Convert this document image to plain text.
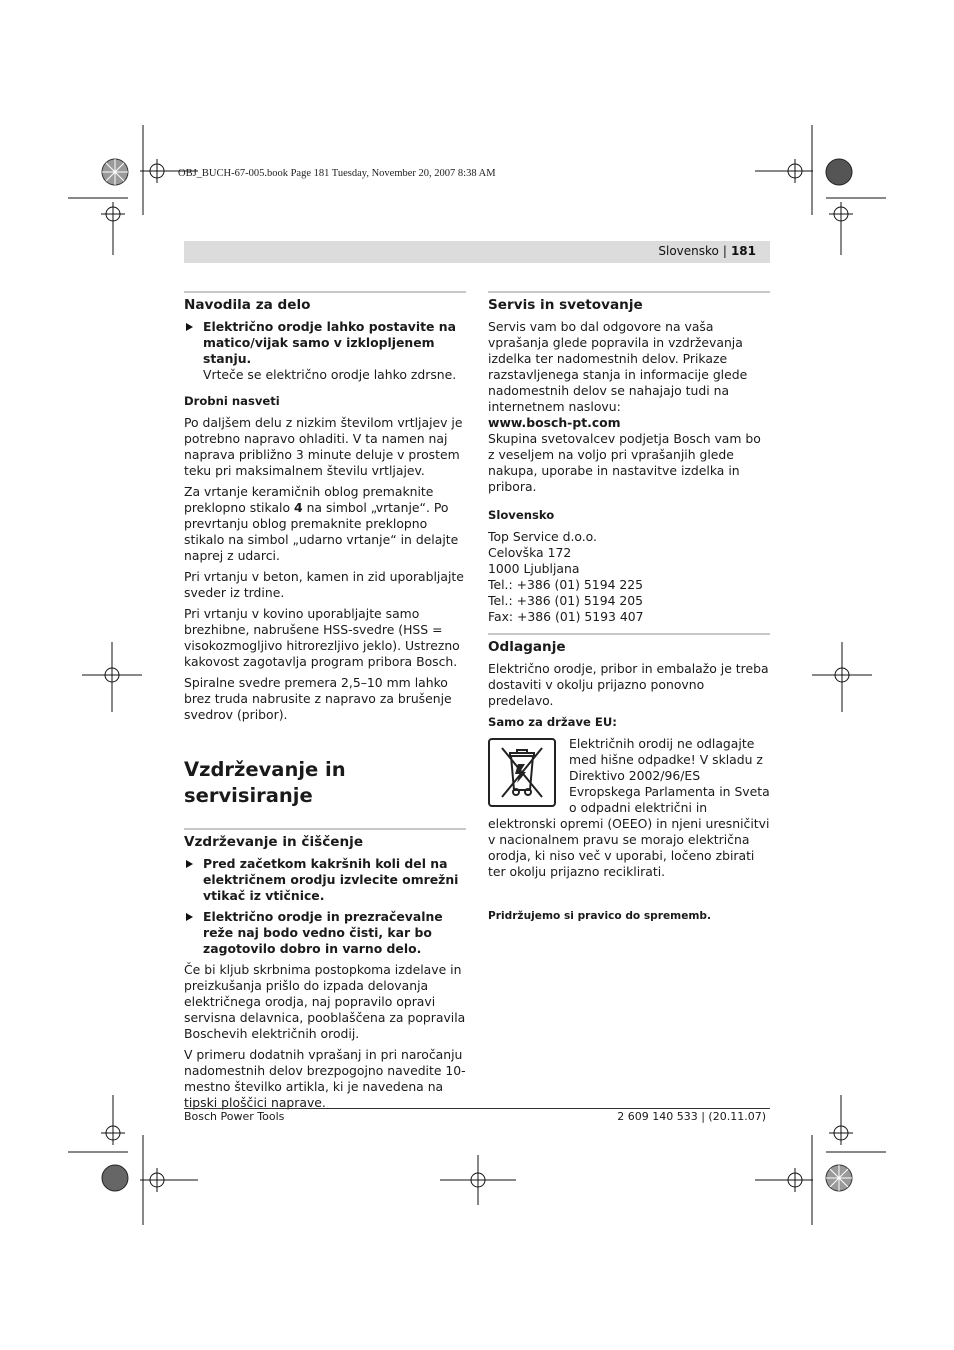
OBJ_BUCH-67-005.book Page 181 Tuesday, November 20, 2007 8:38 AM
Slovensko | 181
Navodila za delo
Električno orodje lahko postavite na
matico/vijak samo v izklopljenem stanju.
Vrteče se električno orodje lahko zdrsne.
Drobni nasveti

Po daljšem delu z nizkim številom vrtljajev je potrebno napravo ohladiti. V ta namen naj naprava približno 3 minute deluje v prostem teku pri maksimalnem številu vrtljajev.

Za vrtanje keramičnih oblog premaknite preklopno stikalo 4 na simbol „vrtanje“. Po prevrtanju oblog premaknite preklopno stikalo na simbol „udarno vrtanje“ in delajte naprej z udarci.

Pri vrtanju v beton, kamen in zid uporabljajte sveder iz trdine.

Pri vrtanju v kovino uporabljajte samo brezhibne, nabrušene HSS-svedre (HSS = visokozmogljivo hitrorezljivo jeklo). Ustrezno kakovost zagotavlja program pribora Bosch.

Spiralne svedre premera 2,5–10 mm lahko brez truda nabrusite z napravo za brušenje svedrov (pribor).

Vzdrževanje in servisiranje
Vzdrževanje in čiščenje
Pred začetkom kakršnih koli del na električnem orodju izvlecite omrežni vtikač iz vtičnice.
Električno orodje in prezračevalne reže naj bodo vedno čisti, kar bo zagotovilo dobro in varno delo.

Če bi kljub skrbnima postopkoma izdelave in preizkušanja prišlo do izpada delovanja električnega orodja, naj popravilo opravi servisna delavnica, pooblaščena za popravila Boschevih električnih orodij.

V primeru dodatnih vprašanj in pri naročanju nadomestnih delov brezpogojno navedite 10-mestno številko artikla, ki je navedena na tipski ploščici naprave.

Servis in svetovanje

Servis vam bo dal odgovore na vaša vprašanja glede popravila in vzdrževanja izdelka ter nadomestnih delov. Prikaze razstavljenega stanja in informacije glede nadomestnih delov se nahajajo tudi na internetnem naslovu:

www.bosch-pt.com

Skupina svetovalcev podjetja Bosch vam bo z veseljem na voljo pri vprašanjih glede nakupa, uporabe in nastavitve izdelka in pribora.

Slovensko
Top Service d.o.o.
Celovška 172
1000 Ljubljana
Tel.: +386 (01) 5194 225
Tel.: +386 (01) 5194 205
Fax: +386 (01) 5193 407
Odlaganje

Električno orodje, pribor in embalažo je treba dostaviti v okolju prijazno ponovno predelavo.

Samo za države EU:
Električnih orodij ne odlagajte med hišne odpadke! V skladu z Direktivo 2002/96/ES Evropskega Parlamenta in Sveta o odpadni električni in elektronski opremi (OEEO) in njeni uresničitvi v nacionalnem pravu se morajo električna orodja, ki niso več v uporabi, ločeno zbirati ter okolju prijazno reciklirati.
Pridržujemo si pravico do sprememb.
Bosch Power Tools	2 609 140 533 | (20.11.07)
